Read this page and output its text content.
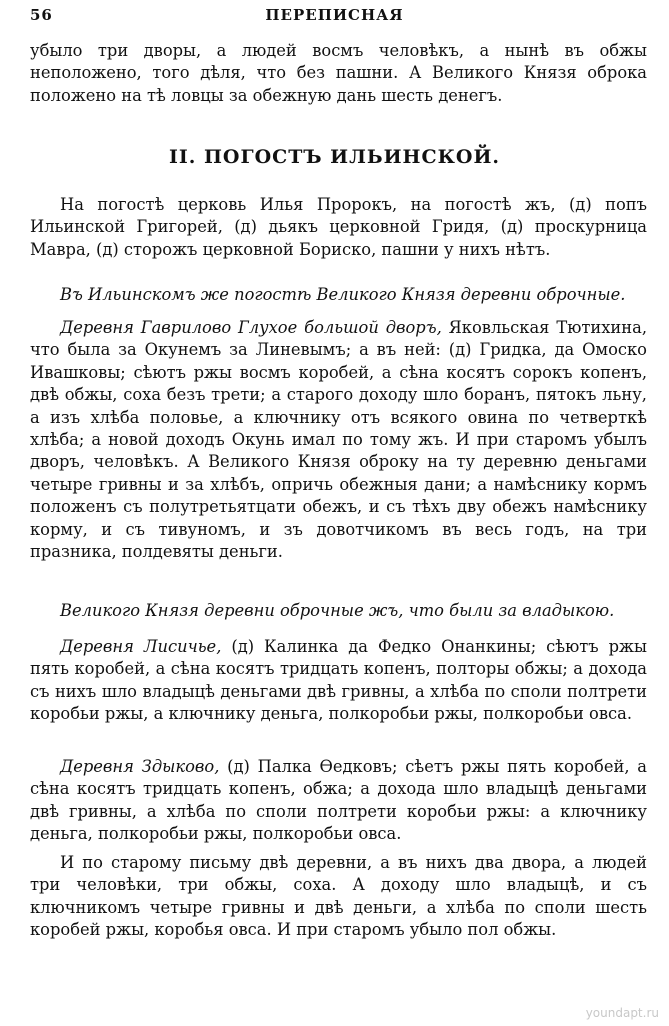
56	ПЕРЕПИСНАЯ

убыло три дворы, а людей восмъ человѣкъ, а нынѣ въ обжы неположено, того дѣля, что без пашни. А Великого Князя оброка положено на тѣ ловцы за обежную дань шесть денегъ.

II. ПОГОСТЪ ИЛЬИНСКОЙ.

На погостѣ церковь Илья Пророкъ, на погостѣ жъ, (д) попъ Ильинской Григорей, (д) дьякъ церковной Гридя, (д) проскурница Мавра, (д) сторожъ церковной Бориско, пашни у нихъ нѣтъ.

Въ Ильинскомъ же погостѣ Великого Князя деревни оброчные.

Деревня Гаврилово Глухое большой дворъ, Яковльская Тютихина, что была за Окунемъ за Линевымъ; а въ ней: (д) Гридка, да Омоско Ивашковы; сѣютъ ржы восмъ коробей, а сѣна косятъ сорокъ копенъ, двѣ обжы, соха безъ трети; а старого доходу шло боранъ, пятокъ льну, а изъ хлѣба половье, а ключнику отъ всякого овина по четверткѣ хлѣба; а новой доходъ Окунь имал по тому жъ. И при старомъ убылъ дворъ, человѣкъ. А Великого Князя оброку на ту деревню деньгами четыре гривны и за хлѣбъ, опричь обежныя дани; а намѣснику кормъ положенъ съ полутретьятцати обежъ, и съ тѣхъ дву обежъ намѣснику корму, и съ тивуномъ, и зъ довотчикомъ въ весь годъ, на три празника, полдевяты деньги.

Великого Князя деревни оброчные жъ, что были за владыкою.

Деревня Лисичье, (д) Калинка да Федко Онанкины; сѣютъ ржы пять коробей, а сѣна косятъ тридцать копенъ, полторы обжы; а дохода съ нихъ шло владыцѣ деньгами двѣ гривны, а хлѣба по споли полтрети коробьи ржы, а ключнику деньга, полкоробьи ржы, полкоробьи овса.

Деревня Здыково, (д) Палка Ѳедковъ; сѣетъ ржы пять коробей, а сѣна косятъ тридцать копенъ, обжа; а дохода шло владыцѣ деньгами двѣ гривны, а хлѣба по споли полтрети коробьи ржы: а ключнику деньга, полкоробьи ржы, полкоробьи овса.

И по старому письму двѣ деревни, а въ нихъ два двора, а людей три человѣки, три обжы, соха. А доходу шло владыцѣ, и съ ключникомъ четыре гривны и двѣ деньги, а хлѣба по споли шесть коробей ржы, коробья овса. И при старомъ убыло пол обжы.

youndapt.ru
